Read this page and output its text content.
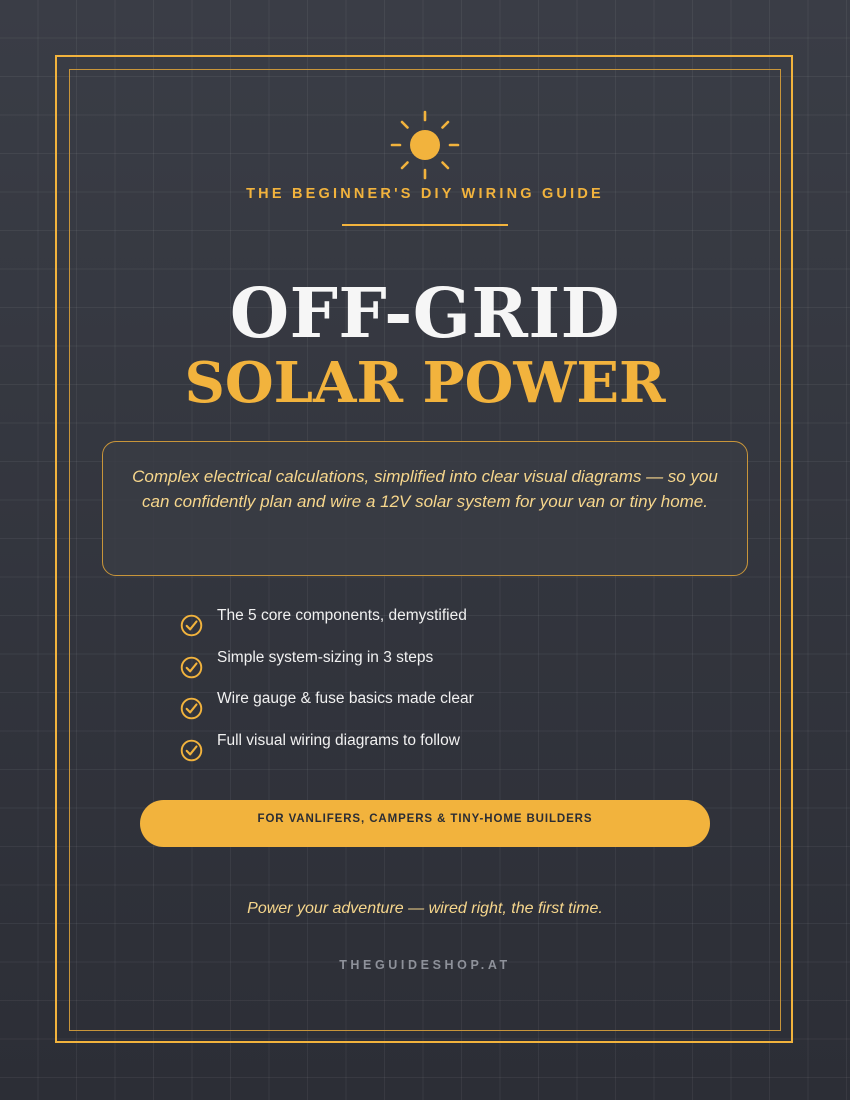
THE BEGINNER'S DIY WIRING GUIDE
OFF-GRID
SOLAR POWER
Complex electrical calculations, simplified into clear visual diagrams — so you can confidently plan and wire a 12V solar system for your van or tiny home.
The 5 core components, demystified
Simple system-sizing in 3 steps
Wire gauge & fuse basics made clear
Full visual wiring diagrams to follow
FOR VANLIFERS, CAMPERS & TINY-HOME BUILDERS
Power your adventure — wired right, the first time.
THEGUIDESHOP.AT
